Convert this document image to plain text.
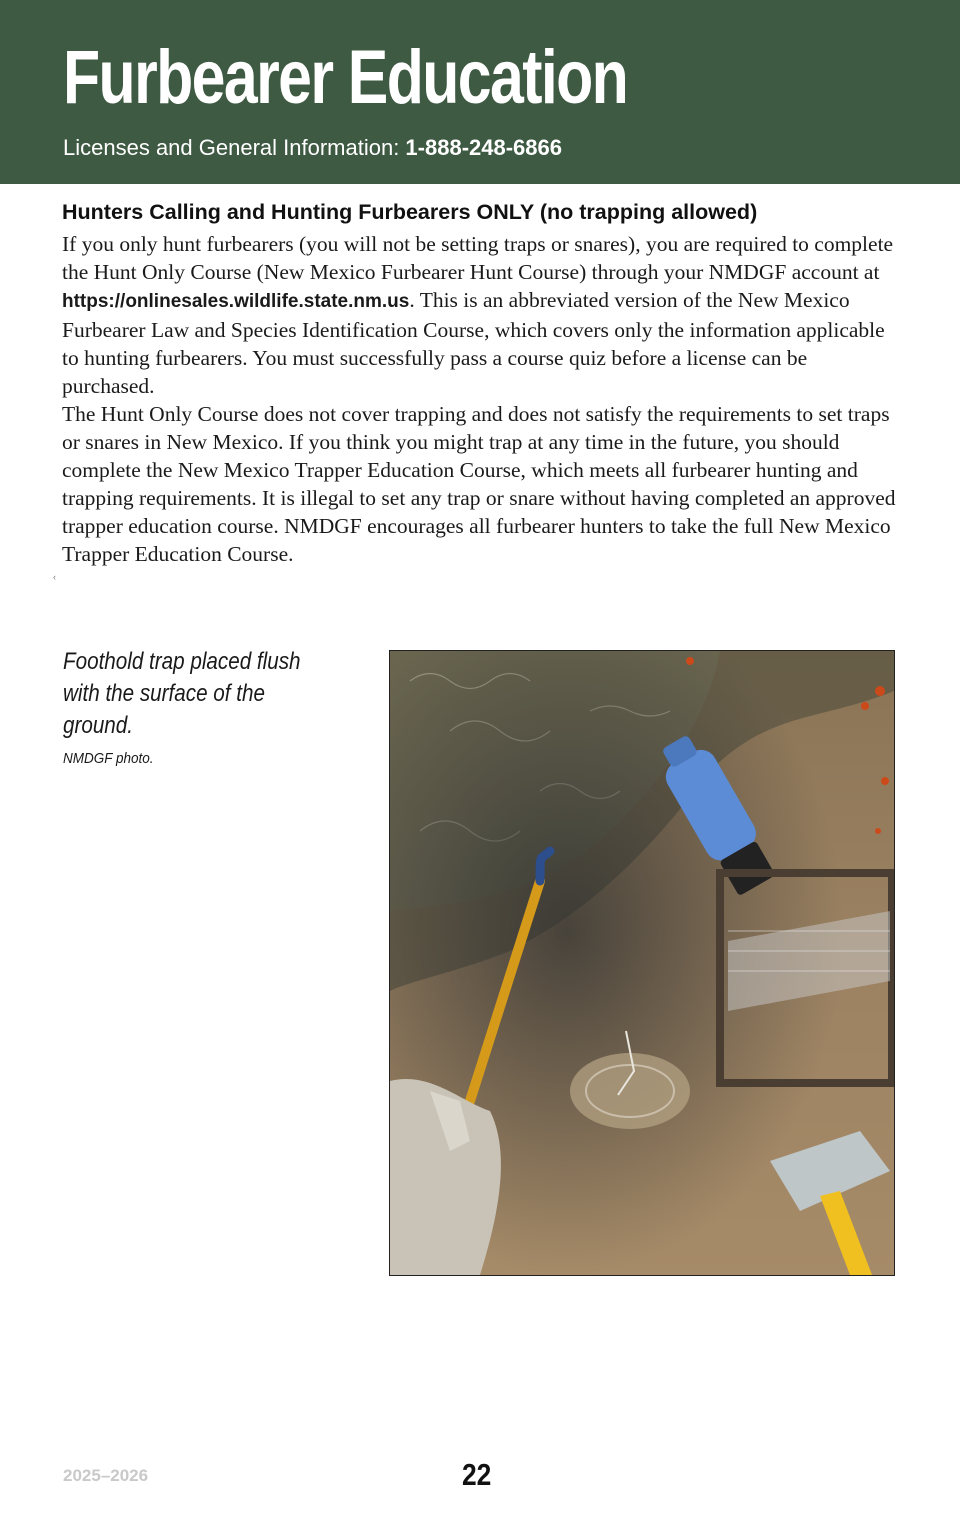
Furbearer Education
Licenses and General Information: 1-888-248-6866
Hunters Calling and Hunting Furbearers ONLY (no trapping allowed)

If you only hunt furbearers (you will not be setting traps or snares), you are required to complete the Hunt Only Course (New Mexico Furbearer Hunt Course) through your NMDGF account at https://onlinesales.wildlife.state.nm.us. This is an abbreviated version of the New Mexico Furbearer Law and Species Identification Course, which covers only the information applicable to hunting furbearers. You must successfully pass a course quiz before a license can be purchased.

The Hunt Only Course does not cover trapping and does not satisfy the requirements to set traps or snares in New Mexico. If you think you might trap at any time in the future, you should complete the New Mexico Trapper Education Course, which meets all furbearer hunting and trapping requirements. It is illegal to set any trap or snare without having completed an approved trapper education course. NMDGF encourages all furbearer hunters to take the full New Mexico Trapper Education Course.

‹

Foothold trap placed flush with the surface of the ground.

NMDGF photo.

2025–2026	22
